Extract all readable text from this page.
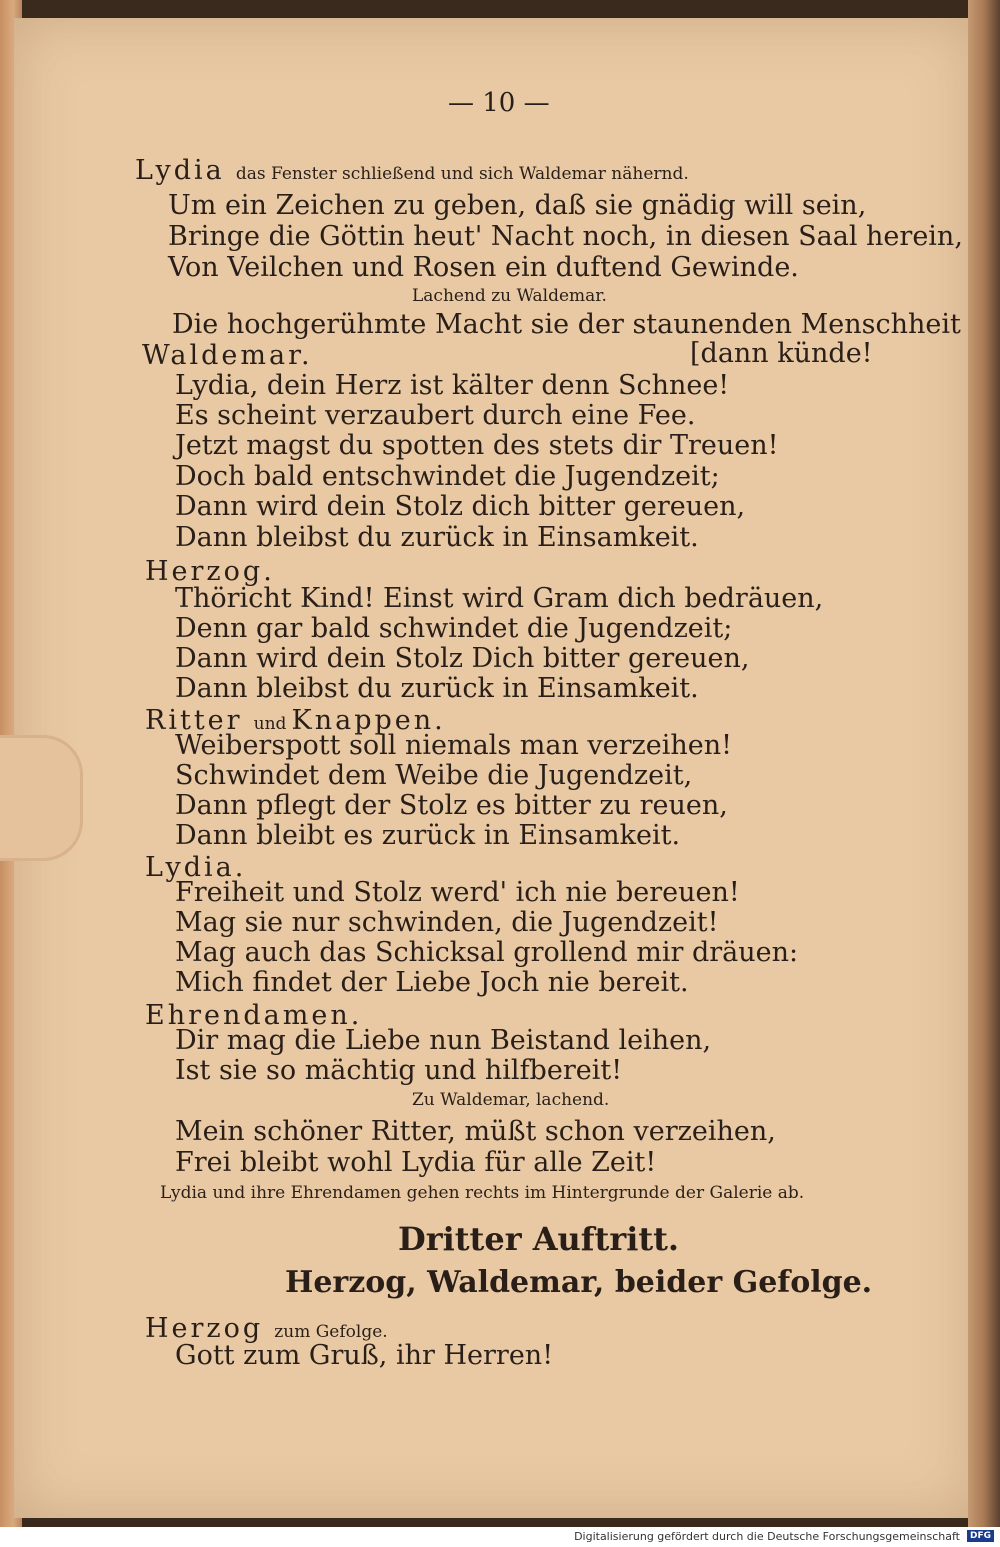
— 10 —
Lydia das Fenster schließend und sich Waldemar nähernd.
Um ein Zeichen zu geben, daß sie gnädig will sein,
Bringe die Göttin heut' Nacht noch, in diesen Saal herein,
Von Veilchen und Rosen ein duftend Gewinde.
Lachend zu Waldemar.
Die hochgerühmte Macht sie der staunenden Menschheit
Waldemar.	[dann künde!
Lydia, dein Herz ist kälter denn Schnee!
Es scheint verzaubert durch eine Fee.
Jetzt magst du spotten des stets dir Treuen!
Doch bald entschwindet die Jugendzeit;
Dann wird dein Stolz dich bitter gereuen,
Dann bleibst du zurück in Einsamkeit.
Herzog.
Thöricht Kind! Einst wird Gram dich bedräuen,
Denn gar bald schwindet die Jugendzeit;
Dann wird dein Stolz Dich bitter gereuen,
Dann bleibst du zurück in Einsamkeit.
Ritter und Knappen.
Weiberspott soll niemals man verzeihen!
Schwindet dem Weibe die Jugendzeit,
Dann pflegt der Stolz es bitter zu reuen,
Dann bleibt es zurück in Einsamkeit.
Lydia.
Freiheit und Stolz werd' ich nie bereuen!
Mag sie nur schwinden, die Jugendzeit!
Mag auch das Schicksal grollend mir dräuen:
Mich findet der Liebe Joch nie bereit.
Ehrendamen.
Dir mag die Liebe nun Beistand leihen,
Ist sie so mächtig und hilfbereit!
Zu Waldemar, lachend.
Mein schöner Ritter, müßt schon verzeihen,
Frei bleibt wohl Lydia für alle Zeit!
Lydia und ihre Ehrendamen gehen rechts im Hintergrunde der Galerie ab.
Dritter Auftritt.
Herzog, Waldemar, beider Gefolge.
Herzog zum Gefolge.
Gott zum Gruß, ihr Herren!
Digitalisierung gefördert durch die Deutsche Forschungsgemeinschaft	DFG
